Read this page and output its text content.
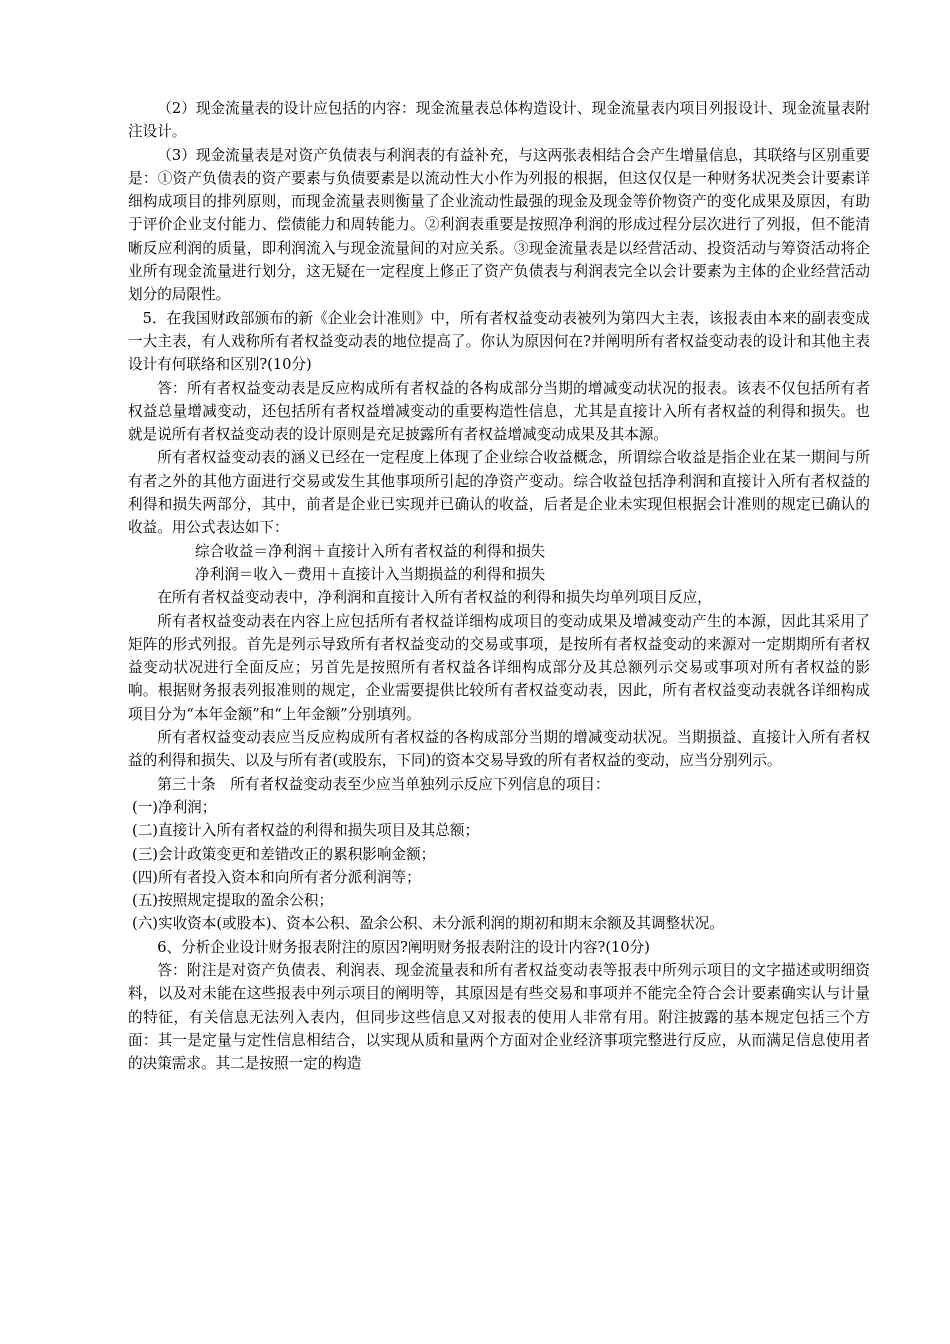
（2）现金流量表的设计应包括的内容：现金流量表总体构造设计、现金流量表内项目列报设计、现金流量表附注设计。

（3）现金流量表是对资产负债表与利润表的有益补充，与这两张表相结合会产生增量信息，其联络与区别重要是：①资产负债表的资产要素与负债要素是以流动性大小作为列报的根据，但这仅仅是一种财务状况类会计要素详细构成项目的排列原则，而现金流量表则衡量了企业流动性最强的现金及现金等价物资产的变化成果及原因，有助于评价企业支付能力、偿债能力和周转能力。②利润表重要是按照净利润的形成过程分层次进行了列报，但不能清晰反应利润的质量，即利润流入与现金流量间的对应关系。③现金流量表是以经营活动、投资活动与筹资活动将企业所有现金流量进行划分，这无疑在一定程度上修正了资产负债表与利润表完全以会计要素为主体的企业经营活动划分的局限性。

5．在我国财政部颁布的新《企业会计准则》中，所有者权益变动表被列为第四大主表，该报表由本来的副表变成一大主表，有人戏称所有者权益变动表的地位提高了。你认为原因何在?并阐明所有者权益变动表的设计和其他主表设计有何联络和区别?(10分)

答：所有者权益变动表是反应构成所有者权益的各构成部分当期的增减变动状况的报表。该表不仅包括所有者权益总量增减变动，还包括所有者权益增减变动的重要构造性信息，尤其是直接计入所有者权益的利得和损失。也就是说所有者权益变动表的设计原则是充足披露所有者权益增减变动成果及其本源。

所有者权益变动表的涵义已经在一定程度上体现了企业综合收益概念，所谓综合收益是指企业在某一期间与所有者之外的其他方面进行交易或发生其他事项所引起的净资产变动。综合收益包括净利润和直接计入所有者权益的利得和损失两部分，其中，前者是企业已实现并已确认的收益，后者是企业未实现但根据会计准则的规定已确认的收益。用公式表达如下：

综合收益＝净利润＋直接计入所有者权益的利得和损失

净利润＝收入－费用＋直接计入当期损益的利得和损失

在所有者权益变动表中，净利润和直接计入所有者权益的利得和损失均单列项目反应，

所有者权益变动表在内容上应包括所有者权益详细构成项目的变动成果及增减变动产生的本源，因此其采用了矩阵的形式列报。首先是列示导致所有者权益变动的交易或事项，是按所有者权益变动的来源对一定期期所有者权益变动状况进行全面反应；另首先是按照所有者权益各详细构成部分及其总额列示交易或事项对所有者权益的影响。根据财务报表列报准则的规定，企业需要提供比较所有者权益变动表，因此，所有者权益变动表就各详细构成项目分为“本年金额”和“上年金额”分别填列。

所有者权益变动表应当反应构成所有者权益的各构成部分当期的增减变动状况。当期损益、直接计入所有者权益的利得和损失、以及与所有者(或股东，下同)的资本交易导致的所有者权益的变动，应当分别列示。

第三十条　所有者权益变动表至少应当单独列示反应下列信息的项目：

(一)净利润；

(二)直接计入所有者权益的利得和损失项目及其总额；

(三)会计政策变更和差错改正的累积影响金额；

(四)所有者投入资本和向所有者分派利润等；

(五)按照规定提取的盈余公积；

(六)实收资本(或股本)、资本公积、盈余公积、未分派利润的期初和期末余额及其调整状况。

6、分析企业设计财务报表附注的原因?阐明财务报表附注的设计内容?(10分)

答：附注是对资产负债表、利润表、现金流量表和所有者权益变动表等报表中所列示项目的文字描述或明细资料，以及对未能在这些报表中列示项目的阐明等，其原因是有些交易和事项并不能完全符合会计要素确实认与计量的特征，有关信息无法列入表内，但同步这些信息又对报表的使用人非常有用。附注披露的基本规定包括三个方面：其一是定量与定性信息相结合，以实现从质和量两个方面对企业经济事项完整进行反应，从而满足信息使用者的决策需求。其二是按照一定的构造
